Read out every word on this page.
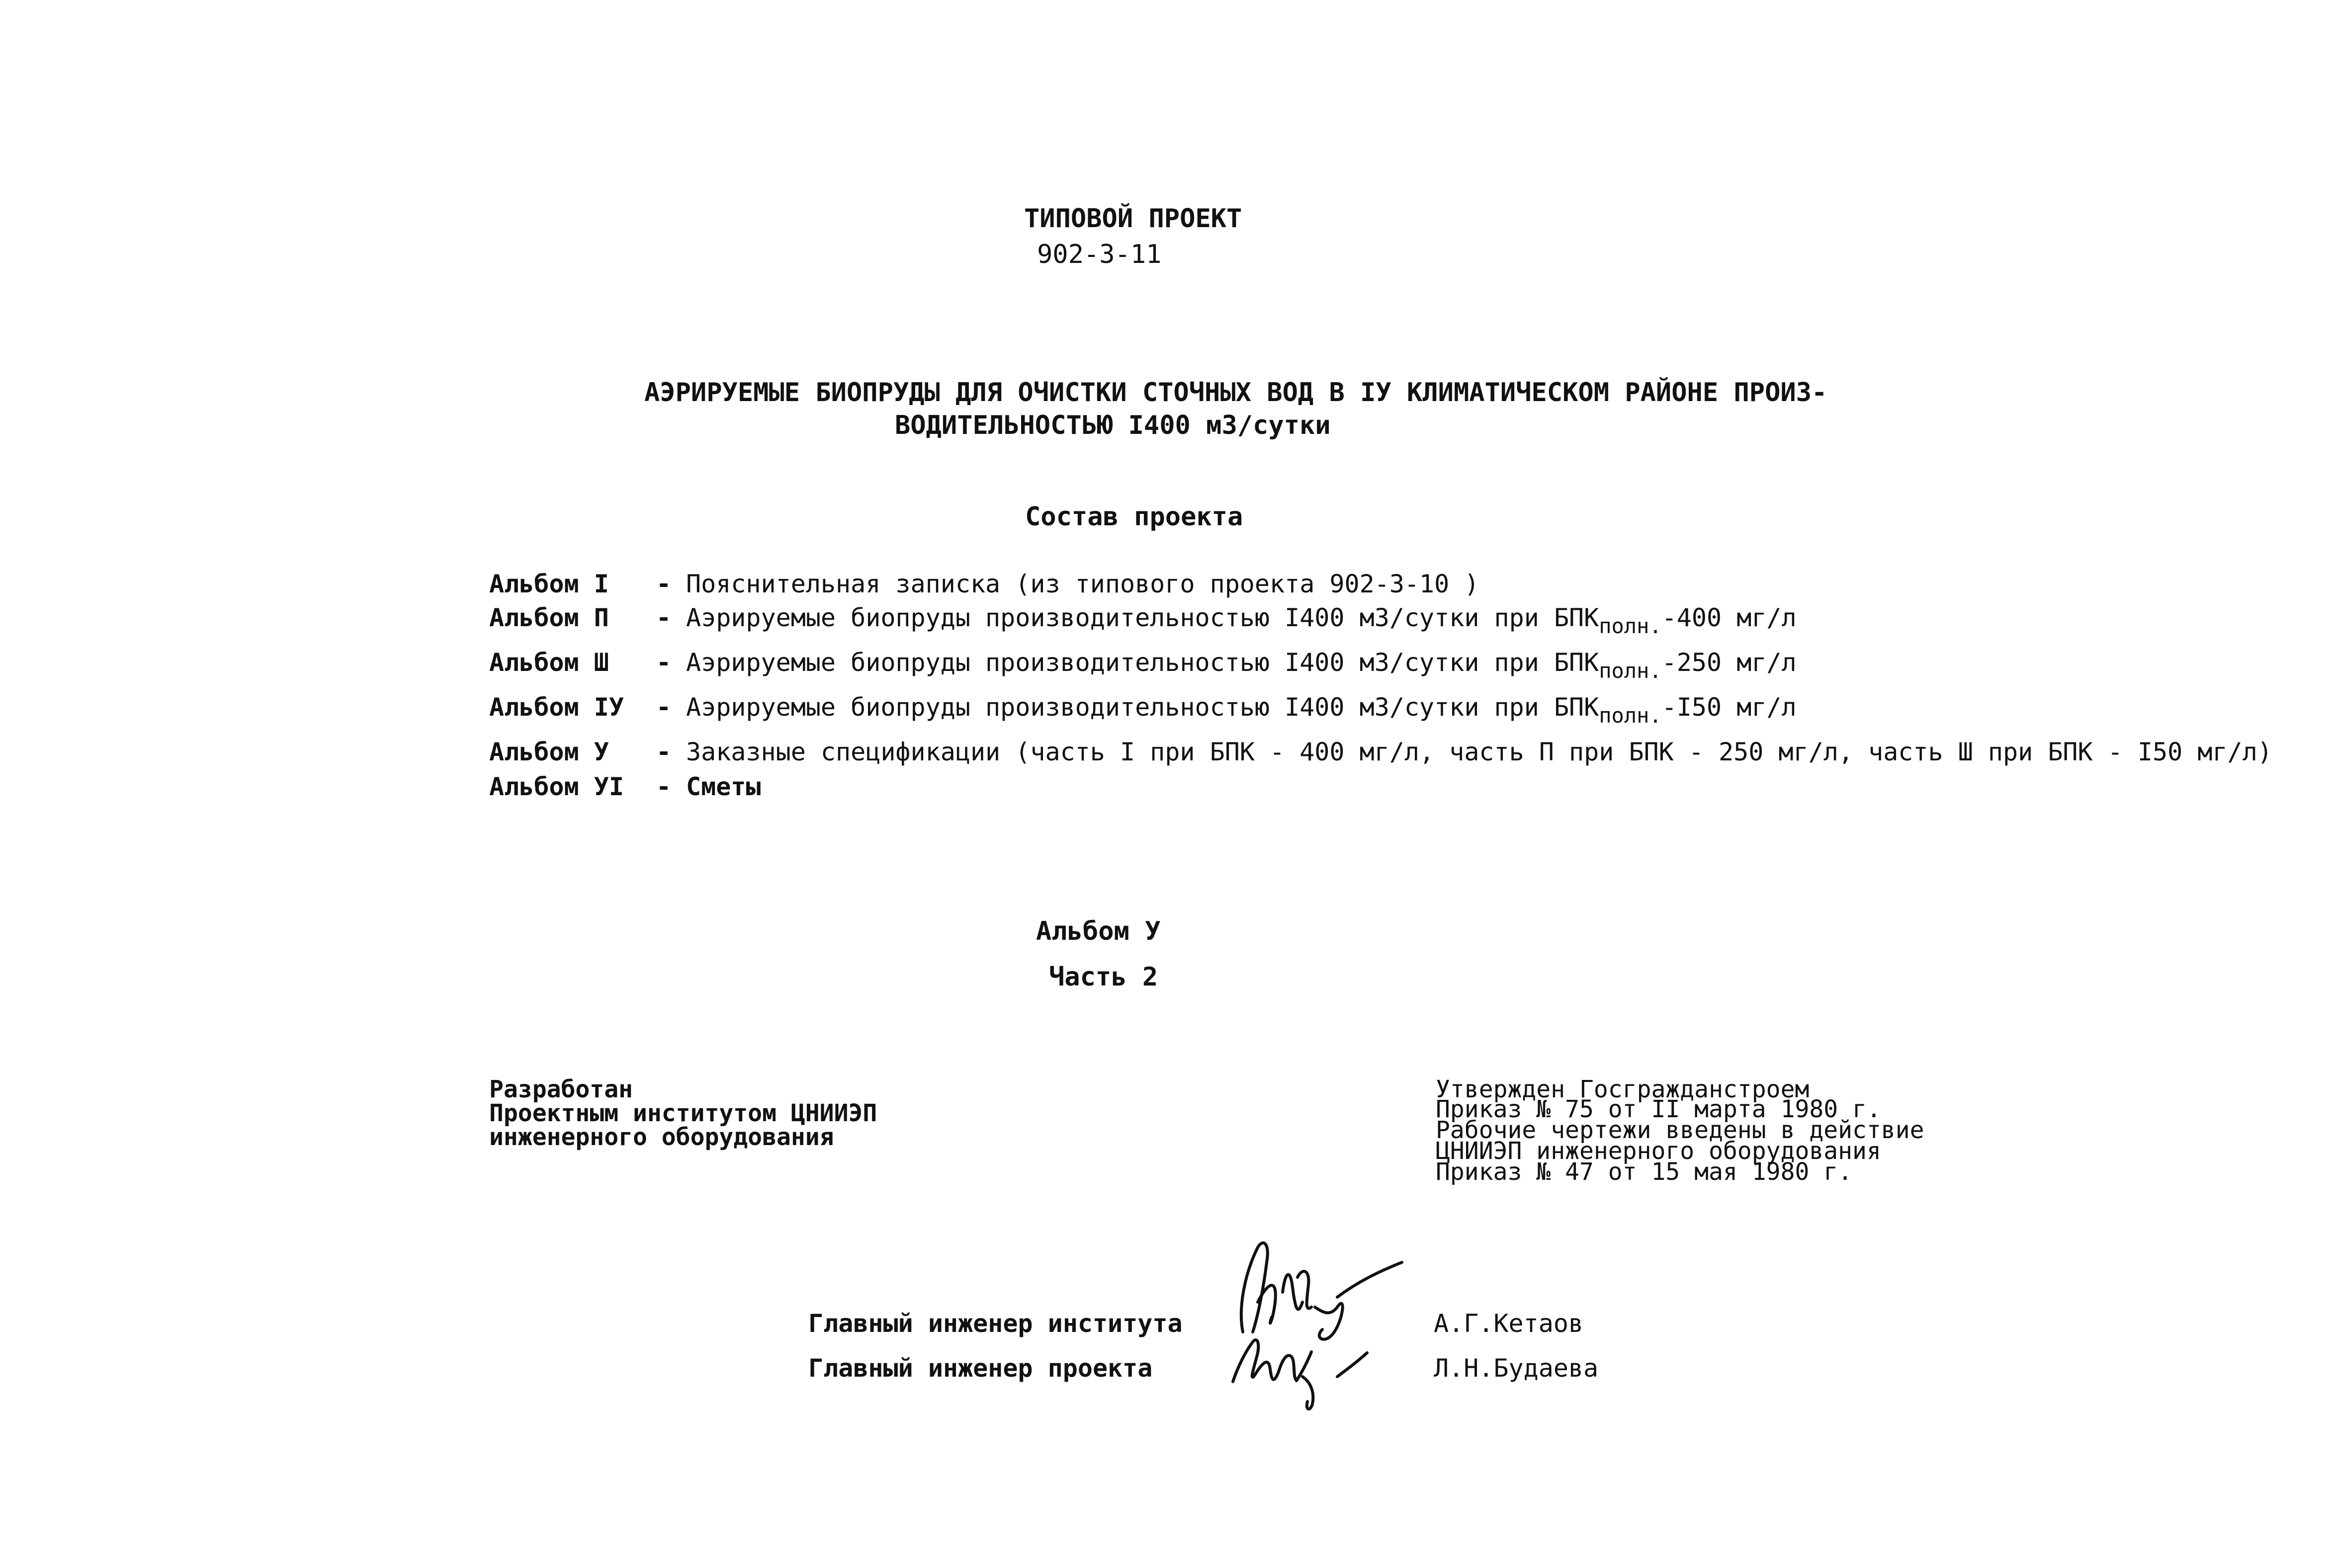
ТИПОВОЙ ПРОЕКТ
902-3-11
АЭРИРУЕМЫЕ БИОПРУДЫ ДЛЯ ОЧИСТКИ СТОЧНЫХ ВОД В IУ КЛИМАТИЧЕСКОМ РАЙОНЕ ПРОИЗ-
ВОДИТЕЛЬНОСТЬЮ I400 м3/сутки
Состав проекта
Альбом I - Пояснительная записка (из типового проекта 902-3-10 )
Альбом П - Аэрируемые биопруды производительностью I400 м3/сутки при $БПК_{полн.}-400$ мг/л
Альбом Ш - Аэрируемые биопруды производительностью I400 м3/сутки при $БПК_{полн.}-250$ мг/л
Альбом IУ - Аэрируемые биопруды производительностью I400 м3/сутки при $БПК_{полн.}-I50$ мг/л
Альбом У - Заказные спецификации (часть I при БПК - 400 мг/л, часть П при БПК - 250 мг/л, часть Ш при БПК - I50 мг/л)
Альбом УI - Сметы
Альбом У
Часть 2
Разработан
Проектным институтом ЦНИИЭП
инженерного оборудования
Утвержден Госгражданстроем
Приказ № 75 от II марта 1980 г.
Рабочие чертежи введены в действие
ЦНИИЭП инженерного оборудования
Приказ № 47 от 15 мая 1980 г.
Главный инженер института	А.Г.Кетаов
Главный инженер проекта	Л.Н.Будаева
